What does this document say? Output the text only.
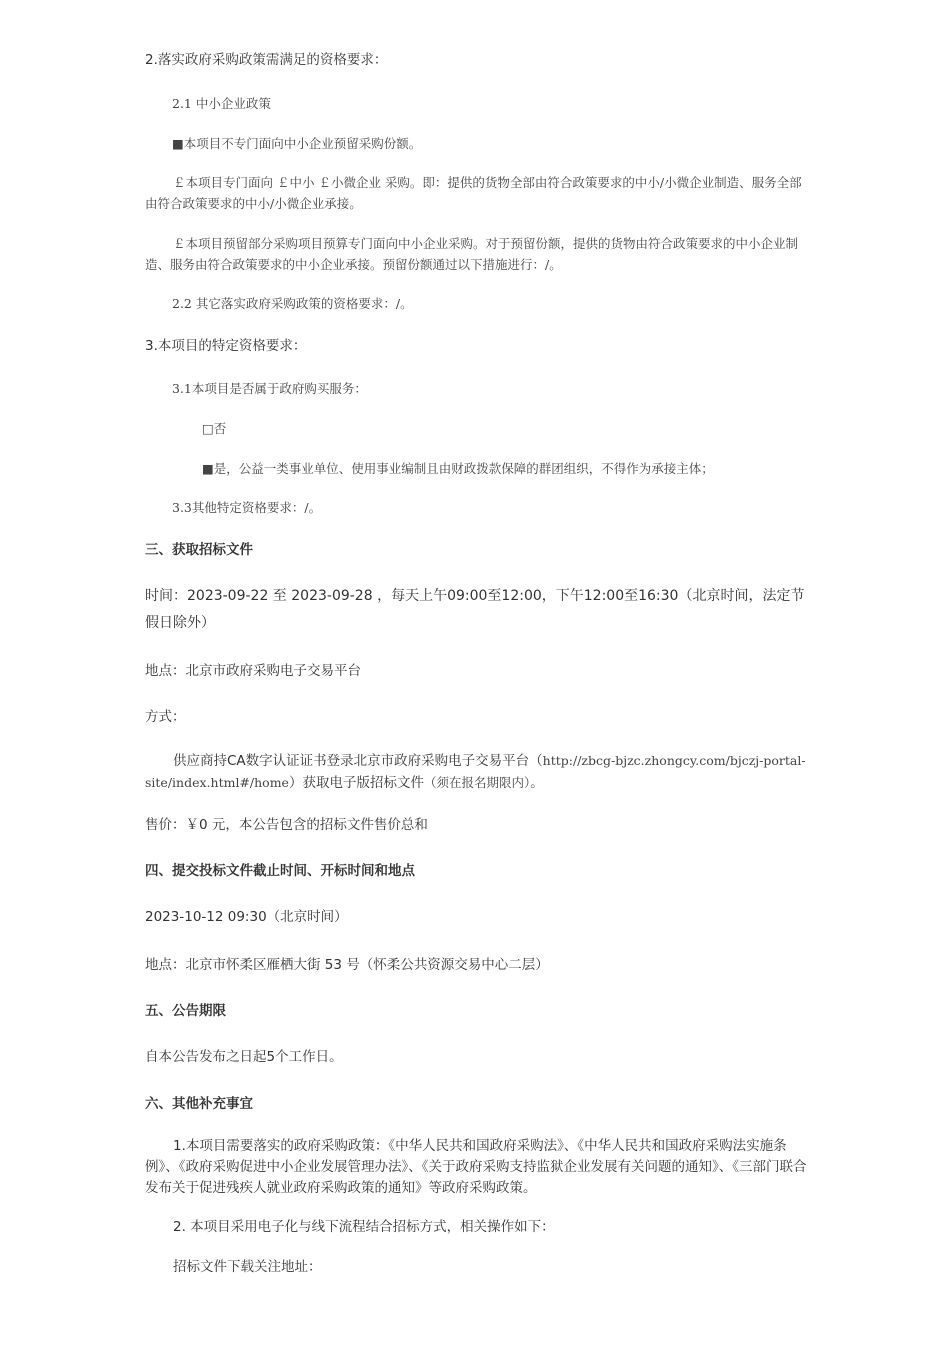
2.落实政府采购政策需满足的资格要求：

2.1 中小企业政策

■本项目不专门面向中小企业预留采购份额。

￡本项目专门面向 ￡中小 ￡小微企业 采购。即：提供的货物全部由符合政策要求的中小/小微企业制造、服务全部由符合政策要求的中小/小微企业承接。

￡本项目预留部分采购项目预算专门面向中小企业采购。对于预留份额，提供的货物由符合政策要求的中小企业制造、服务由符合政策要求的中小企业承接。预留份额通过以下措施进行：/。

2.2 其它落实政府采购政策的资格要求：/。

3.本项目的特定资格要求：

3.1本项目是否属于政府购买服务：

□否

■是，公益一类事业单位、使用事业编制且由财政拨款保障的群团组织，不得作为承接主体；

3.3其他特定资格要求：/。

三、获取招标文件

时间：2023-09-22 至 2023-09-28 ，每天上午09:00至12:00，下午12:00至16:30（北京时间，法定节假日除外）

地点：北京市政府采购电子交易平台

方式：

供应商持CA数字认证证书登录北京市政府采购电子交易平台（http://zbcg-bjzc.zhongcy.com/bjczj-portal-site/index.html#/home）获取电子版招标文件（须在报名期限内）。

售价：￥0 元，本公告包含的招标文件售价总和

四、提交投标文件截止时间、开标时间和地点

2023-10-12 09:30（北京时间）

地点：北京市怀柔区雁栖大街 53 号（怀柔公共资源交易中心二层）

五、公告期限

自本公告发布之日起5个工作日。

六、其他补充事宜

1.本项目需要落实的政府采购政策：《中华人民共和国政府采购法》、《中华人民共和国政府采购法实施条例》、《政府采购促进中小企业发展管理办法》、《关于政府采购支持监狱企业发展有关问题的通知》、《三部门联合发布关于促进残疾人就业政府采购政策的通知》等政府采购政策。

2. 本项目采用电子化与线下流程结合招标方式，相关操作如下：

招标文件下载关注地址：
